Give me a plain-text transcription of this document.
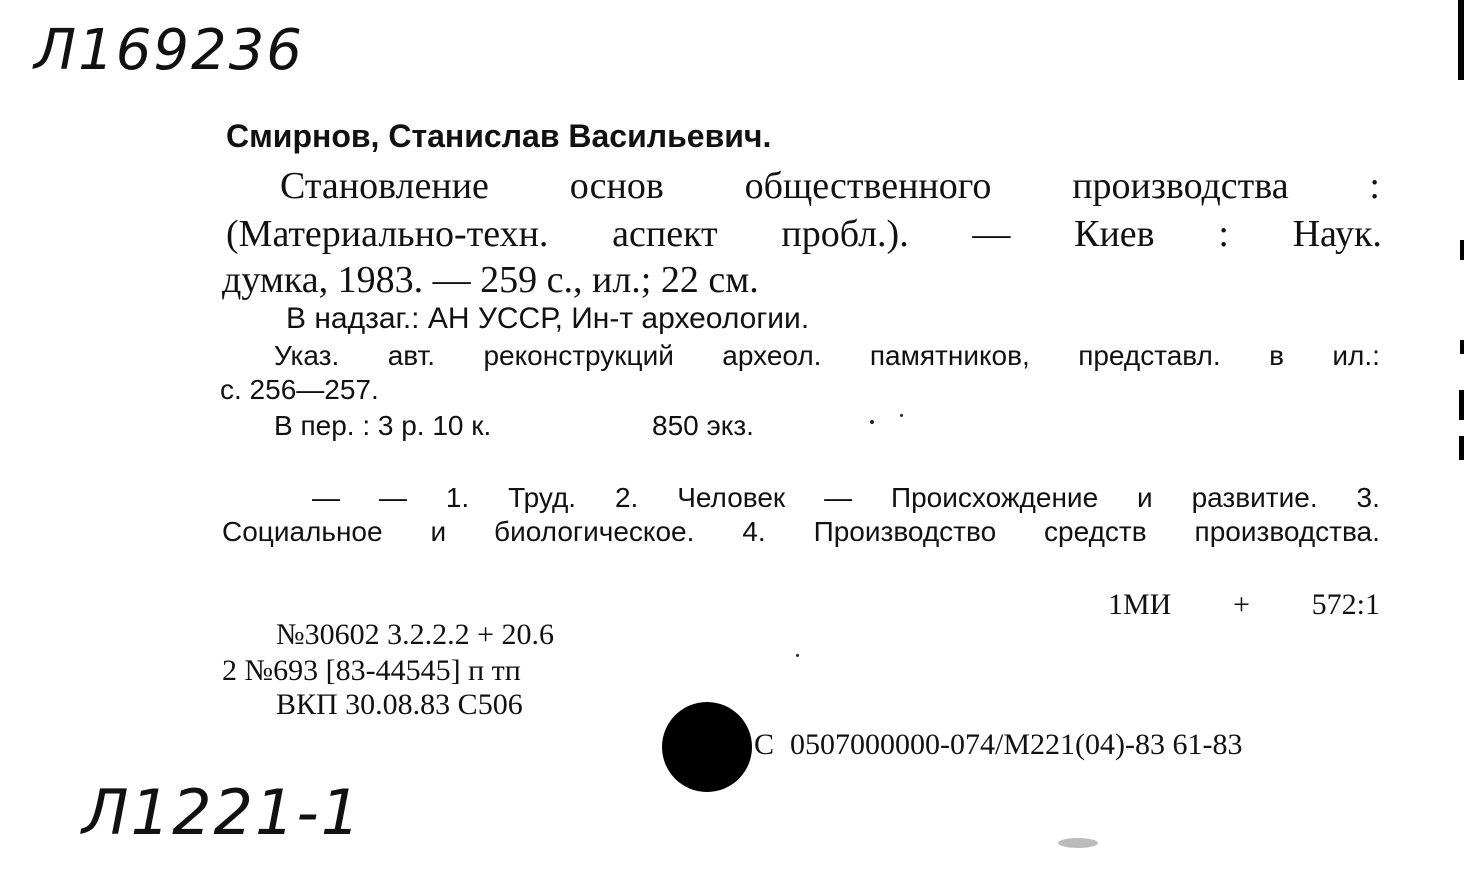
Л169236
Смирнов, Станислав Васильевич.
Становление основ общественного производства :
(Материально-техн. аспект пробл.). — Киев : Наук.
думка, 1983. — 259 с., ил.; 22 см.
В надзаг.: АН УССР, Ин-т археологии.
Указ. авт. реконструкций археол. памятников, представл. в ил.:
с. 256—257.
В пер. : 3 р. 10 к.	850 экз.
— — 1. Труд. 2. Человек — Происхождение и развитие. 3.
Социальное и биологическое. 4. Производство средств производства.
1МИ + 572:1
№30602 3.2.2.2 + 20.6
2 №693 [83-44545] п тп
ВКП 30.08.83 С506
С 0507000000-074/М221(04)-83 61-83
Л1221-1
